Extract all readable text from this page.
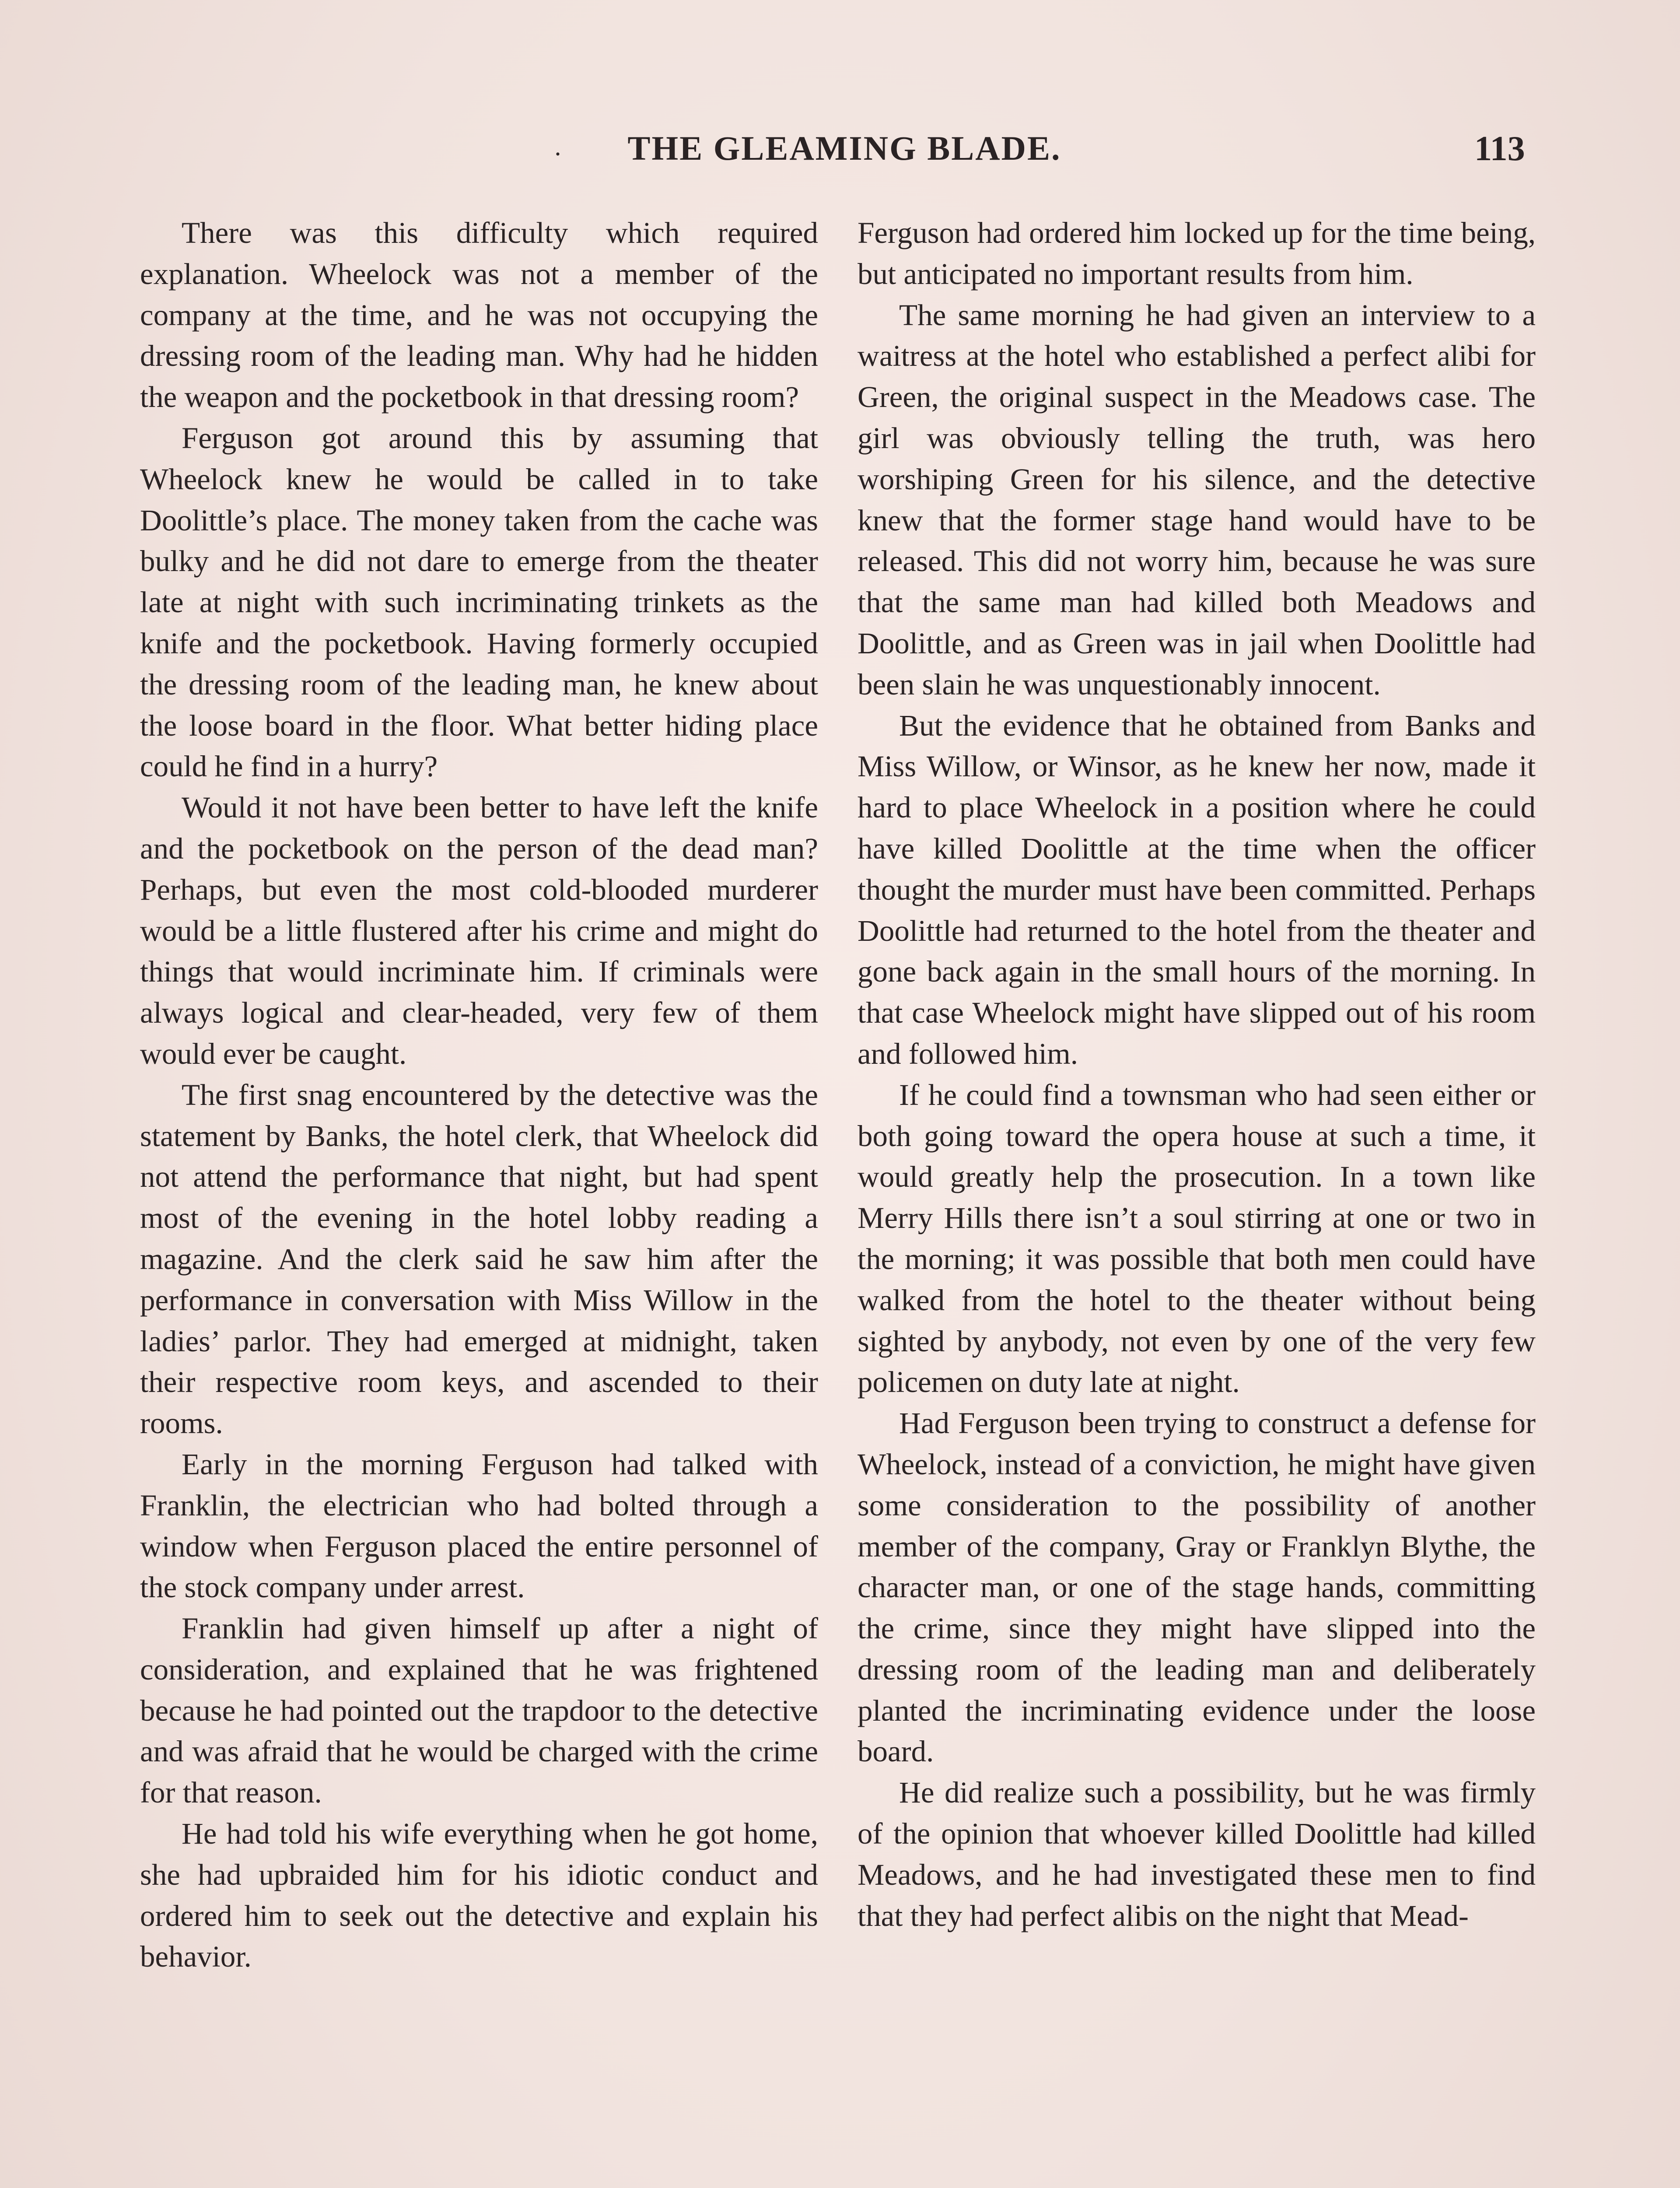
·	THE GLEAMING BLADE.	113

There was this difficulty which required explanation. Wheelock was not a member of the company at the time, and he was not occupying the dressing room of the leading man. Why had he hidden the weapon and the pocketbook in that dressing room?

Ferguson got around this by assuming that Wheelock knew he would be called in to take Doolittle’s place. The money taken from the cache was bulky and he did not dare to emerge from the theater late at night with such incriminating trinkets as the knife and the pocketbook. Having formerly occupied the dressing room of the leading man, he knew about the loose board in the floor. What better hiding place could he find in a hurry?

Would it not have been better to have left the knife and the pocketbook on the person of the dead man? Perhaps, but even the most cold-blooded murderer would be a little flustered after his crime and might do things that would incriminate him. If criminals were always logical and clear-headed, very few of them would ever be caught.

The first snag encountered by the detective was the statement by Banks, the hotel clerk, that Wheelock did not attend the performance that night, but had spent most of the evening in the hotel lobby reading a magazine. And the clerk said he saw him after the performance in conversation with Miss Willow in the ladies’ parlor. They had emerged at midnight, taken their respective room keys, and ascended to their rooms.

Early in the morning Ferguson had talked with Franklin, the electrician who had bolted through a window when Ferguson placed the entire personnel of the stock company under arrest.

Franklin had given himself up after a night of consideration, and explained that he was frightened because he had pointed out the trapdoor to the detective and was afraid that he would be charged with the crime for that reason.

He had told his wife everything when he got home, she had upbraided him for his idiotic conduct and ordered him to seek out the detective and explain his behavior.

Ferguson had ordered him locked up for the time being, but anticipated no important results from him.

The same morning he had given an interview to a waitress at the hotel who established a perfect alibi for Green, the original suspect in the Meadows case. The girl was obviously telling the truth, was hero worshiping Green for his silence, and the detective knew that the former stage hand would have to be released. This did not worry him, because he was sure that the same man had killed both Meadows and Doolittle, and as Green was in jail when Doolittle had been slain he was unquestionably innocent.

But the evidence that he obtained from Banks and Miss Willow, or Winsor, as he knew her now, made it hard to place Wheelock in a position where he could have killed Doolittle at the time when the officer thought the murder must have been committed. Perhaps Doolittle had returned to the hotel from the theater and gone back again in the small hours of the morning. In that case Wheelock might have slipped out of his room and followed him.

If he could find a townsman who had seen either or both going toward the opera house at such a time, it would greatly help the prosecution. In a town like Merry Hills there isn’t a soul stirring at one or two in the morning; it was possible that both men could have walked from the hotel to the theater without being sighted by anybody, not even by one of the very few policemen on duty late at night.

Had Ferguson been trying to construct a defense for Wheelock, instead of a conviction, he might have given some consideration to the possibility of another member of the company, Gray or Franklyn Blythe, the character man, or one of the stage hands, committing the crime, since they might have slipped into the dressing room of the leading man and deliberately planted the incriminating evidence under the loose board.

He did realize such a possibility, but he was firmly of the opinion that whoever killed Doolittle had killed Meadows, and he had investigated these men to find that they had perfect alibis on the night that Mead-
